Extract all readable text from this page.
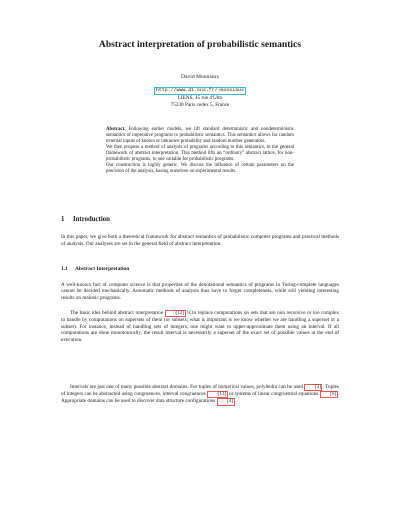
Abstract interpretation of probabilistic semantics
David Monniaux
http://www.di.ens.fr/~monniaux
LIENS, 45 rue d'Ulm
75230 Paris cedex 5, France

Abstract. Following earlier models, we lift standard deterministic and nondeterministic semantics of imperative programs to probabilistic semantics. This semantics allows for random external inputs of known or unknown probability and random number generators.

We then propose a method of analysis of programs according to this semantics, in the general framework of abstract interpretation. This method lifts an “ordinary” abstract lattice, for non-probabilistic programs, to one suitable for probabilistic programs.

Our construction is highly generic. We discuss the influence of certain parameters on the precision of the analysis, basing ourselves on experimental results.

1 Introduction

In this paper, we give both a theoretical framework for abstract semantics of probabilistic computer programs and practical methods of analysis. Our analyses are set in the general field of abstract interpretation.

1.1 Abstract Interpretation

A well-known fact of computer science is that properties of the denotational semantics of programs in Turing-complete languages cannot be decided mechanically. Automatic methods of analysis thus have to forget completeness, while still yielding interesting results on realistic programs.

The basic idea behind abstract interpretation [12] is to replace computations on sets that are non recursive or too complex to handle by computations on supersets of them (or subsets; what is important is we know whether we are handling a superset or a subset). For instance, instead of handling sets of integers, one might want to upper-approximate them using an interval. If all computations are done monotonically, the result interval is necessarily a superset of the exact set of possible values at the end of execution.

Intervals are just one of many possible abstract domains. For tuples of numerical values, polyhedra can be used [3] . Tuples of integers can be abstracted using congruences, interval congruences [13] or systems of linear congruential equations [6] . Appropriate domains can be used to discover data structure configurations [4] .
